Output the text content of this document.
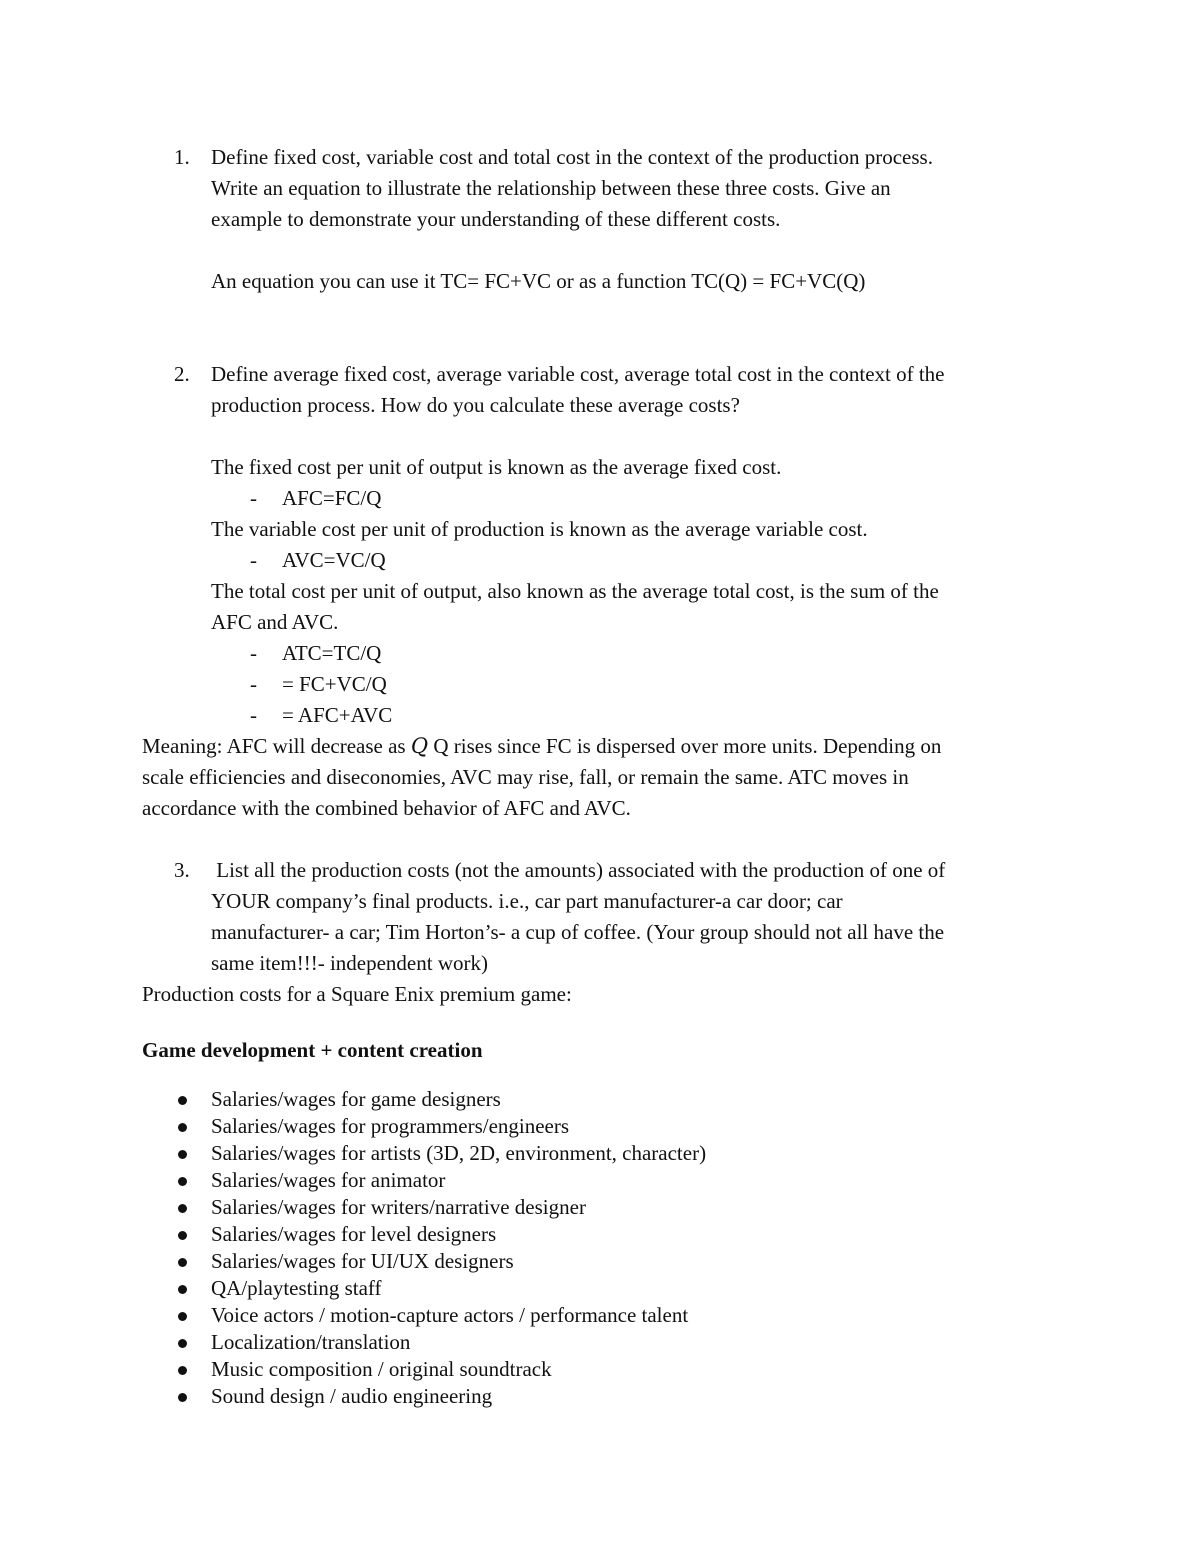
1. Define fixed cost, variable cost and total cost in the context of the production process.
Write an equation to illustrate the relationship between these three costs. Give an
example to demonstrate your understanding of these different costs.
An equation you can use it TC= FC+VC or as a function TC(Q) = FC+VC(Q)
2. Define average fixed cost, average variable cost, average total cost in the context of the
production process. How do you calculate these average costs?
The fixed cost per unit of output is known as the average fixed cost.
- AFC=FC/Q
The variable cost per unit of production is known as the average variable cost.
- AVC=VC/Q
The total cost per unit of output, also known as the average total cost, is the sum of the
AFC and AVC.
- ATC=TC/Q
- = FC+VC/Q
- = AFC+AVC
Meaning: AFC will decrease as Q Q rises since FC is dispersed over more units. Depending on
scale efficiencies and diseconomies, AVC may rise, fall, or remain the same. ATC moves in
accordance with the combined behavior of AFC and AVC.
3. List all the production costs (not the amounts) associated with the production of one of
YOUR company’s final products. i.e., car part manufacturer-a car door; car
manufacturer- a car; Tim Horton’s- a cup of coffee. (Your group should not all have the
same item!!!- independent work)
Production costs for a Square Enix premium game:
Game development + content creation
Salaries/wages for game designers
Salaries/wages for programmers/engineers
Salaries/wages for artists (3D, 2D, environment, character)
Salaries/wages for animator
Salaries/wages for writers/narrative designer
Salaries/wages for level designers
Salaries/wages for UI/UX designers
QA/playtesting staff
Voice actors / motion-capture actors / performance talent
Localization/translation
Music composition / original soundtrack
Sound design / audio engineering
